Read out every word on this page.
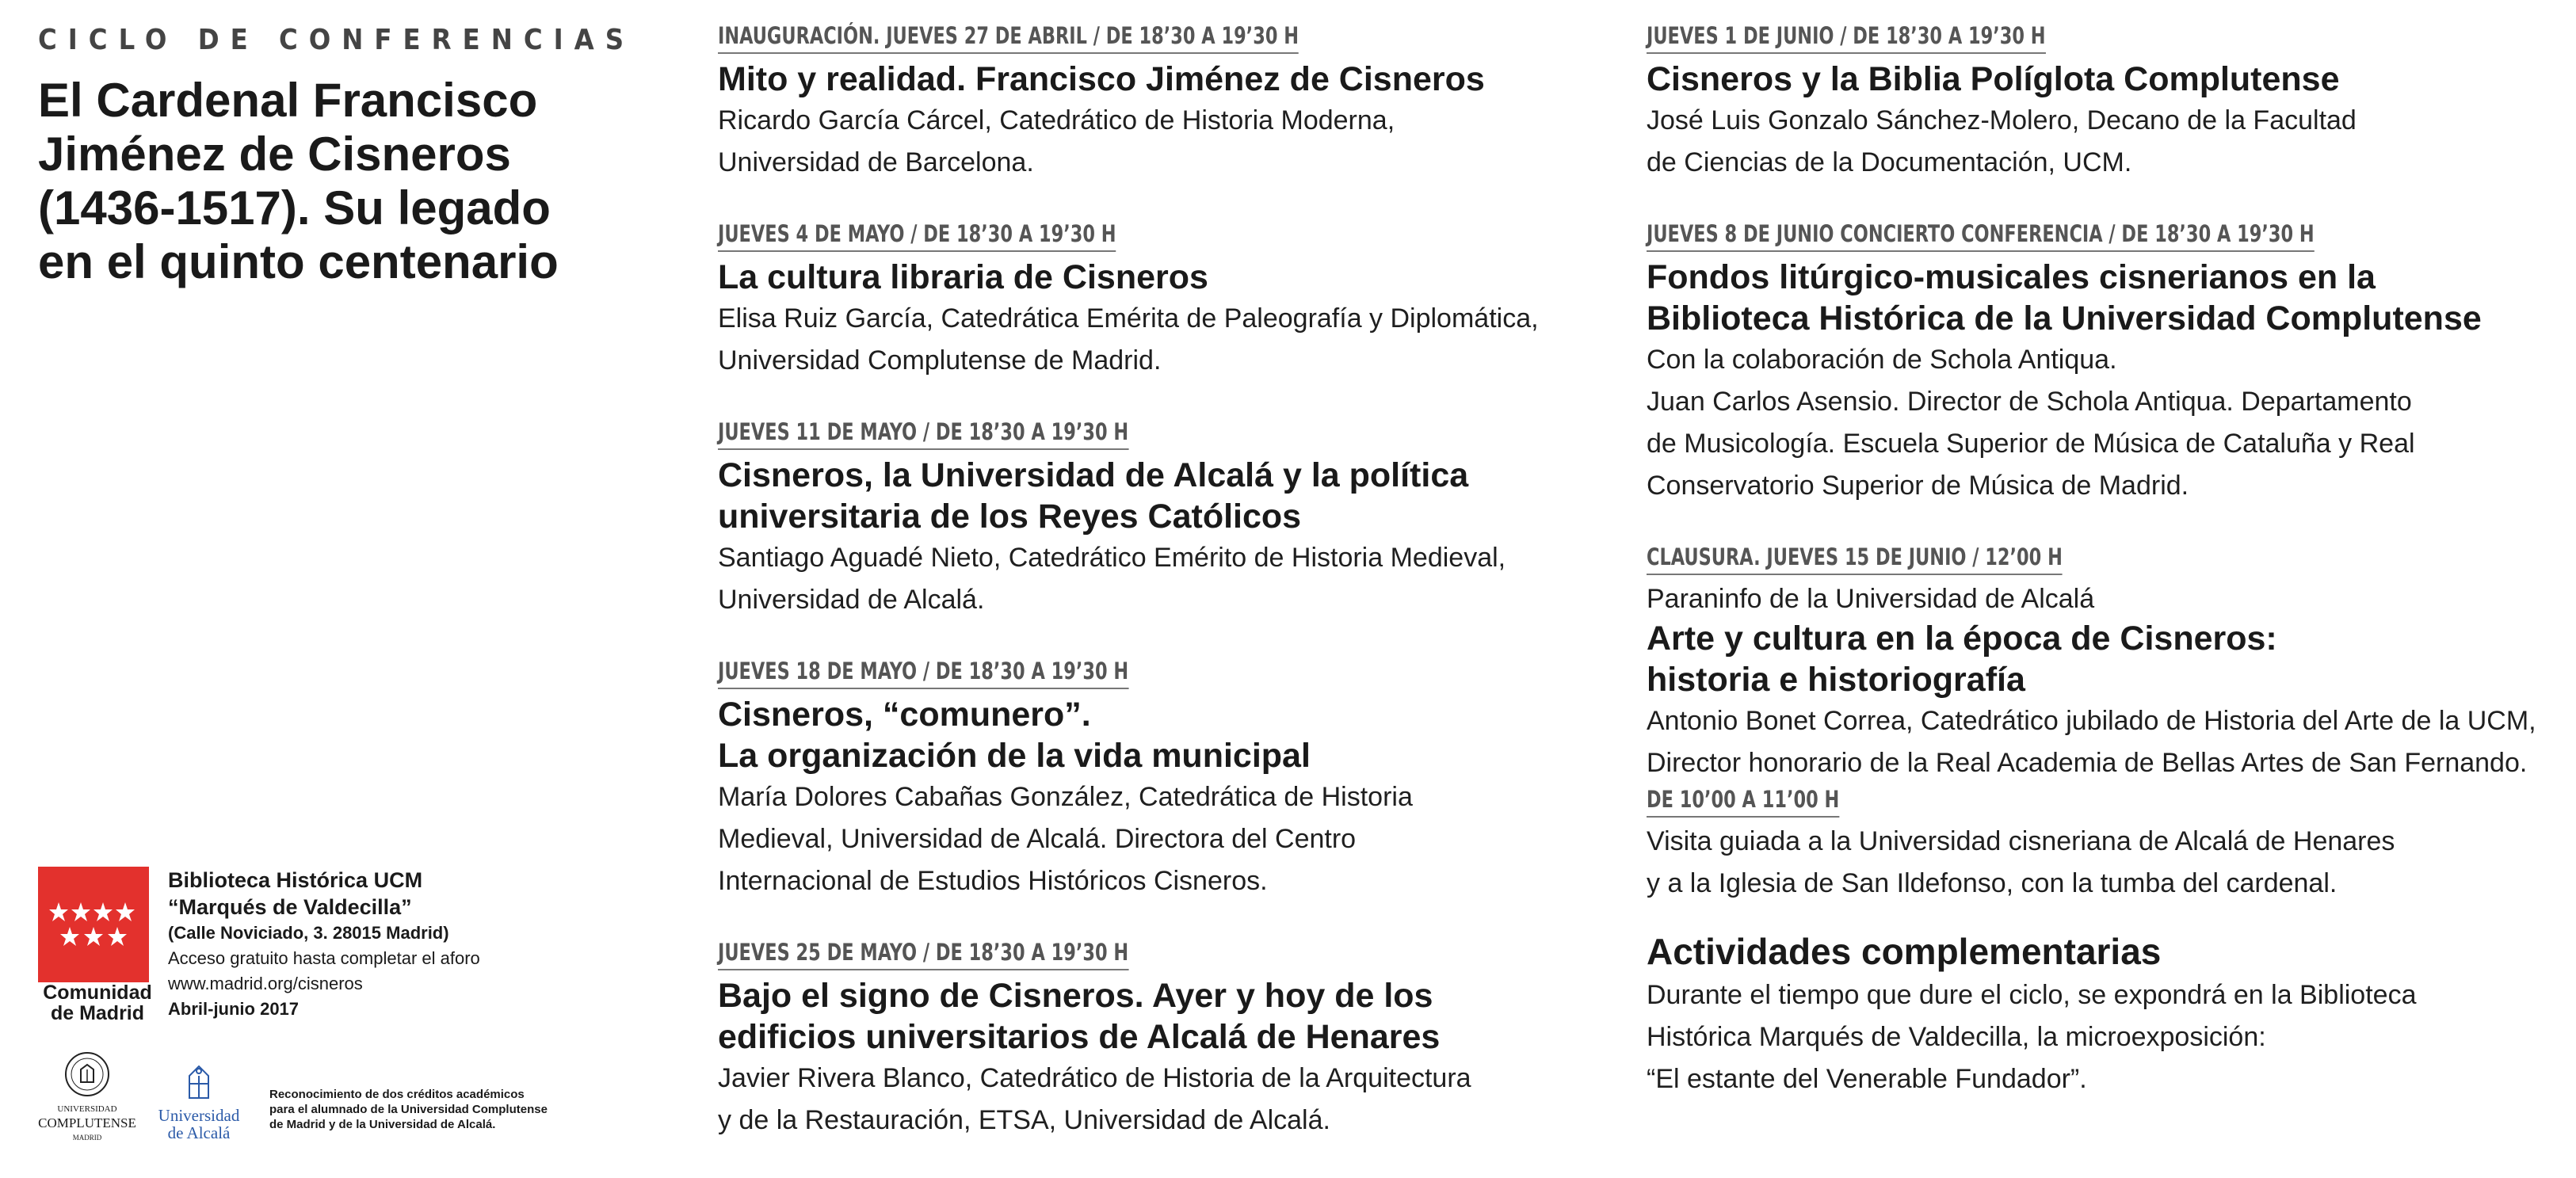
CICLO DE CONFERENCIAS
El Cardenal Francisco
Jiménez de Cisneros
(1436-1517). Su legado
en el quinto centenario
Comunidad
de Madrid
Biblioteca Histórica UCM
“Marqués de Valdecilla”
(Calle Noviciado, 3. 28015 Madrid)
Acceso gratuito hasta completar el aforo
www.madrid.org/cisneros
Abril-junio 2017
UNIVERSIDAD
COMPLUTENSE
MADRID
Universidad
de Alcalá
Reconocimiento de dos créditos académicos
para el alumnado de la Universidad Complutense
de Madrid y de la Universidad de Alcalá.
INAUGURACIÓN. JUEVES 27 DE ABRIL / DE 18’30 A 19’30 H
Mito y realidad. Francisco Jiménez de Cisneros
Ricardo García Cárcel, Catedrático de Historia Moderna,
Universidad de Barcelona.
JUEVES 4 DE MAYO / DE 18’30 A 19’30 H
La cultura libraria de Cisneros
Elisa Ruiz García, Catedrática Emérita de Paleografía y Diplomática,
Universidad Complutense de Madrid.
JUEVES 11 DE MAYO / DE 18’30 A 19’30 H
Cisneros, la Universidad de Alcalá y la política
universitaria de los Reyes Católicos
Santiago Aguadé Nieto, Catedrático Emérito de Historia Medieval,
Universidad de Alcalá.
JUEVES 18 DE MAYO / DE 18’30 A 19’30 H
Cisneros, “comunero”.
La organización de la vida municipal
María Dolores Cabañas González, Catedrática de Historia
Medieval, Universidad de Alcalá. Directora del Centro
Internacional de Estudios Históricos Cisneros.
JUEVES 25 DE MAYO / DE 18’30 A 19’30 H
Bajo el signo de Cisneros. Ayer y hoy de los
edificios universitarios de Alcalá de Henares
Javier Rivera Blanco, Catedrático de Historia de la Arquitectura
y de la Restauración, ETSA, Universidad de Alcalá.
JUEVES 1 DE JUNIO / DE 18’30 A 19’30 H
Cisneros y la Biblia Políglota Complutense
José Luis Gonzalo Sánchez-Molero, Decano de la Facultad
de Ciencias de la Documentación, UCM.
JUEVES 8 DE JUNIO CONCIERTO CONFERENCIA / DE 18’30 A 19’30 H
Fondos litúrgico-musicales cisnerianos en la
Biblioteca Histórica de la Universidad Complutense
Con la colaboración de Schola Antiqua.
Juan Carlos Asensio. Director de Schola Antiqua. Departamento
de Musicología. Escuela Superior de Música de Cataluña y Real
Conservatorio Superior de Música de Madrid.
CLAUSURA. JUEVES 15 DE JUNIO / 12’00 H
Paraninfo de la Universidad de Alcalá
Arte y cultura en la época de Cisneros:
historia e historiografía
Antonio Bonet Correa, Catedrático jubilado de Historia del Arte de la UCM,
Director honorario de la Real Academia de Bellas Artes de San Fernando.
DE 10’00 A 11’00 H
Visita guiada a la Universidad cisneriana de Alcalá de Henares
y a la Iglesia de San Ildefonso, con la tumba del cardenal.
Actividades complementarias
Durante el tiempo que dure el ciclo, se expondrá en la Biblioteca
Histórica Marqués de Valdecilla, la microexposición:
“El estante del Venerable Fundador”.
